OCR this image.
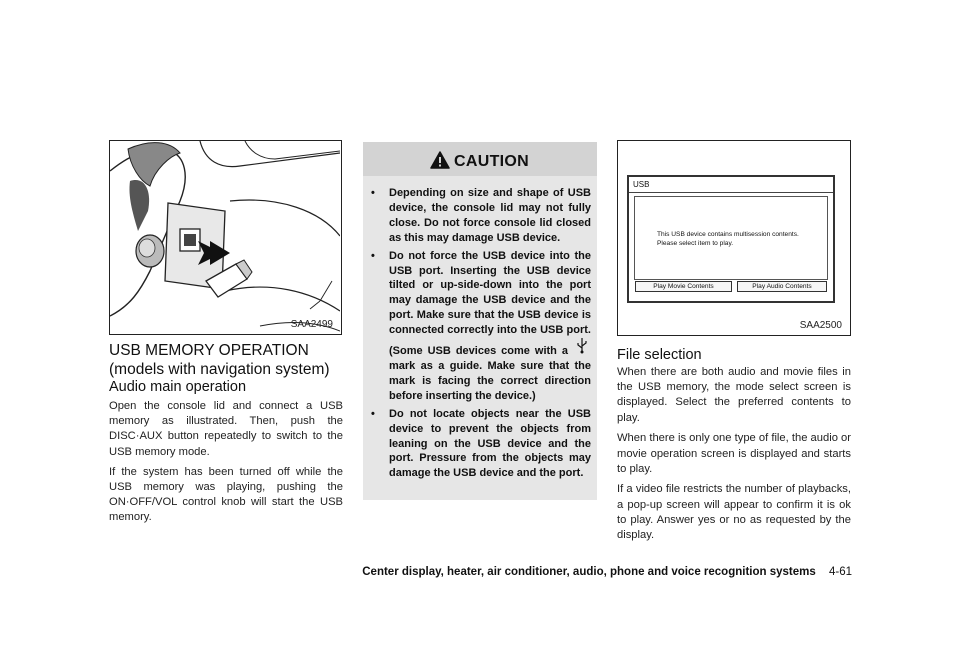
SAA2499
USB MEMORY OPERATION (models with navigation system)
Audio main operation

Open the console lid and connect a USB memory as illustrated. Then, push the DISC·AUX button repeatedly to switch to the USB memory mode.

If the system has been turned off while the USB memory was playing, pushing the ON·OFF/VOL control knob will start the USB memory.

CAUTION
• Depending on size and shape of USB device, the console lid may not fully close. Do not force console lid closed as this may damage USB device.
• Do not force the USB device into the USB port. Inserting the USB device tilted or up-side-down into the port may damage the USB device and the port. Make sure that the USB device is connected correctly into the USB port. (Some USB devices come with a  mark as a guide. Make sure that the mark is facing the correct direction before inserting the device.)
• Do not locate objects near the USB device to prevent the objects from leaning on the USB device and the port. Pressure from the objects may damage the USB device and the port.
USB
This USB device contains multisession contents.
Please select item to play.
Play Movie Contents	Play Audio Contents
SAA2500
File selection

When there are both audio and movie files in the USB memory, the mode select screen is displayed. Select the preferred contents to play.

When there is only one type of file, the audio or movie operation screen is displayed and starts to play.

If a video file restricts the number of playbacks, a pop-up screen will appear to confirm it is ok to play. Answer yes or no as requested by the display.

Center display, heater, air conditioner, audio, phone and voice recognition systems 4-61
